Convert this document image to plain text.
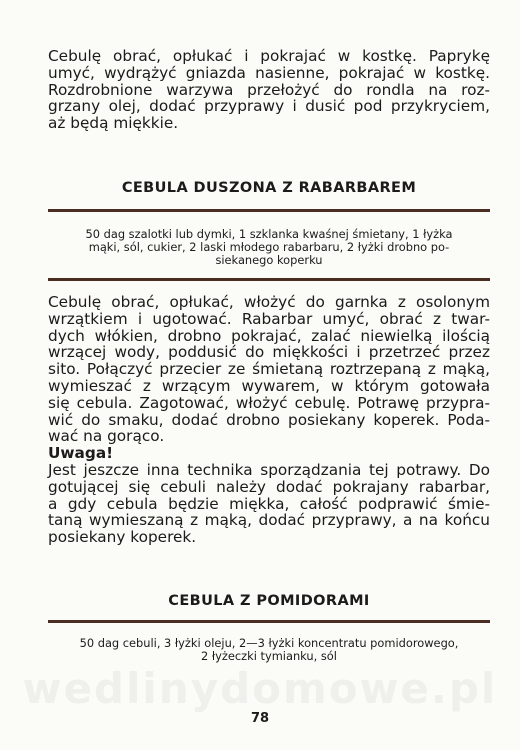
Cebulę obrać, opłukać i pokrajać w kostkę. Paprykę
umyć, wydrążyć gniazda nasienne, pokrajać w kostkę.
Rozdrobnione warzywa przełożyć do rondla na roz-
grzany olej, dodać przyprawy i dusić pod przykryciem,
aż będą miękkie.
CEBULA DUSZONA Z RABARBAREM
50 dag szalotki lub dymki, 1 szklanka kwaśnej śmietany, 1 łyżka
mąki, sól, cukier, 2 laski młodego rabarbaru, 2 łyżki drobno po-
siekanego koperku
Cebulę obrać, opłukać, włożyć do garnka z osolonym
wrzątkiem i ugotować. Rabarbar umyć, obrać z twar-
dych włókien, drobno pokrajać, zalać niewielką ilością
wrzącej wody, poddusić do miękkości i przetrzeć przez
sito. Połączyć przecier ze śmietaną roztrzepaną z mąką,
wymieszać z wrzącym wywarem, w którym gotowała
się cebula. Zagotować, włożyć cebulę. Potrawę przypra-
wić do smaku, dodać drobno posiekany koperek. Poda-
wać na gorąco.
Uwaga!
Jest jeszcze inna technika sporządzania tej potrawy. Do
gotującej się cebuli należy dodać pokrajany rabarbar,
a gdy cebula będzie miękka, całość podprawić śmie-
taną wymieszaną z mąką, dodać przyprawy, a na końcu
posiekany koperek.
CEBULA Z POMIDORAMI
wedlinydomowe.pl
50 dag cebuli, 3 łyżki oleju, 2—3 łyżki koncentratu pomidorowego,
2 łyżeczki tymianku, sól
78
